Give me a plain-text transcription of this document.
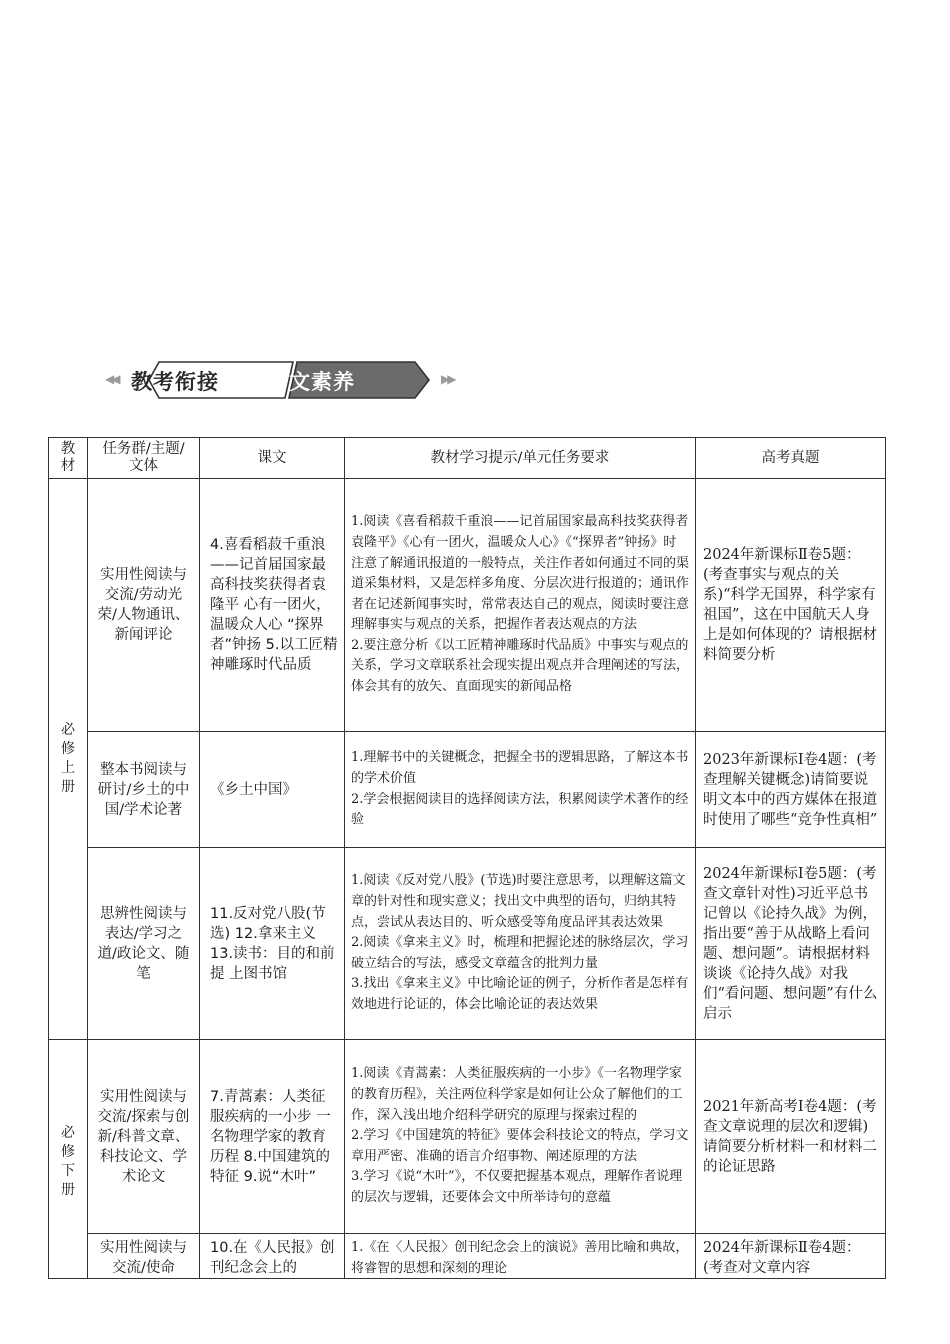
◀◀ 教考衔接 语文素养	▶▶
教材	任务群/主题/文体	课文	教材学习提示/单元任务要求	高考真题
必修上册	实用性阅读与交流/劳动光荣/人物通讯、新闻评论	4.喜看稻菽千重浪——记首届国家最高科技奖获得者袁隆平 心有一团火，温暖众人心 “探界者”钟扬 5.以工匠精神雕琢时代品质	1.阅读《喜看稻菽千重浪——记首届国家最高科技奖获得者袁隆平》《心有一团火，温暖众人心》《“探界者”钟扬》时注意了解通讯报道的一般特点，关注作者如何通过不同的渠道采集材料，又是怎样多角度、分层次进行报道的；通讯作者在记述新闻事实时，常常表达自己的观点，阅读时要注意理解事实与观点的关系，把握作者表达观点的方法

2.要注意分析《以工匠精神雕琢时代品质》中事实与观点的关系，学习文章联系社会现实提出观点并合理阐述的写法，体会其有的放矢、直面现实的新闻品格	2024年新课标Ⅱ卷5题：(考查事实与观点的关系)“科学无国界，科学家有祖国”，这在中国航天人身上是如何体现的？请根据材料简要分析
	整本书阅读与研讨/乡土的中国/学术论著	《乡土中国》	1.理解书中的关键概念，把握全书的逻辑思路，了解这本书的学术价值

2.学会根据阅读目的选择阅读方法，积累阅读学术著作的经验	2023年新课标Ⅰ卷4题：(考查理解关键概念)请简要说明文本中的西方媒体在报道时使用了哪些“竞争性真相”
	思辨性阅读与表达/学习之道/政论文、随笔	11.反对党八股(节选) 12.拿来主义 13.读书：目的和前提 上图书馆	1.阅读《反对党八股》(节选)时要注意思考，以理解这篇文章的针对性和现实意义；找出文中典型的语句，归纳其特点，尝试从表达目的、听众感受等角度品评其表达效果

2.阅读《拿来主义》时，梳理和把握论述的脉络层次，学习破立结合的写法，感受文章蕴含的批判力量

3.找出《拿来主义》中比喻论证的例子，分析作者是怎样有效地进行论证的，体会比喻论证的表达效果	2024年新课标Ⅰ卷5题：(考查文章针对性)习近平总书记曾以《论持久战》为例，指出要“善于从战略上看问题、想问题”。请根据材料谈谈《论持久战》对我们“看问题、想问题”有什么启示
必修下册	实用性阅读与交流/探索与创新/科普文章、科技论文、学术论文	7.青蒿素：人类征服疾病的一小步 一名物理学家的教育历程 8.中国建筑的特征 9.说“木叶”	1.阅读《青蒿素：人类征服疾病的一小步》《一名物理学家的教育历程》，关注两位科学家是如何让公众了解他们的工作，深入浅出地介绍科学研究的原理与探索过程的

2.学习《中国建筑的特征》要体会科技论文的特点，学习文章用严密、准确的语言介绍事物、阐述原理的方法

3.学习《说“木叶”》，不仅要把握基本观点，理解作者说理的层次与逻辑，还要体会文中所举诗句的意蕴	2021年新高考Ⅰ卷4题：(考查文章说理的层次和逻辑)请简要分析材料一和材料二的论证思路

	实用性阅读与交流/使命	10.在《人民报》创刊纪念会上的	1.《在〈人民报〉创刊纪念会上的演说》善用比喻和典故，将睿智的思想和深刻的理论	2024年新课标Ⅱ卷4题：(考查对文章内容
